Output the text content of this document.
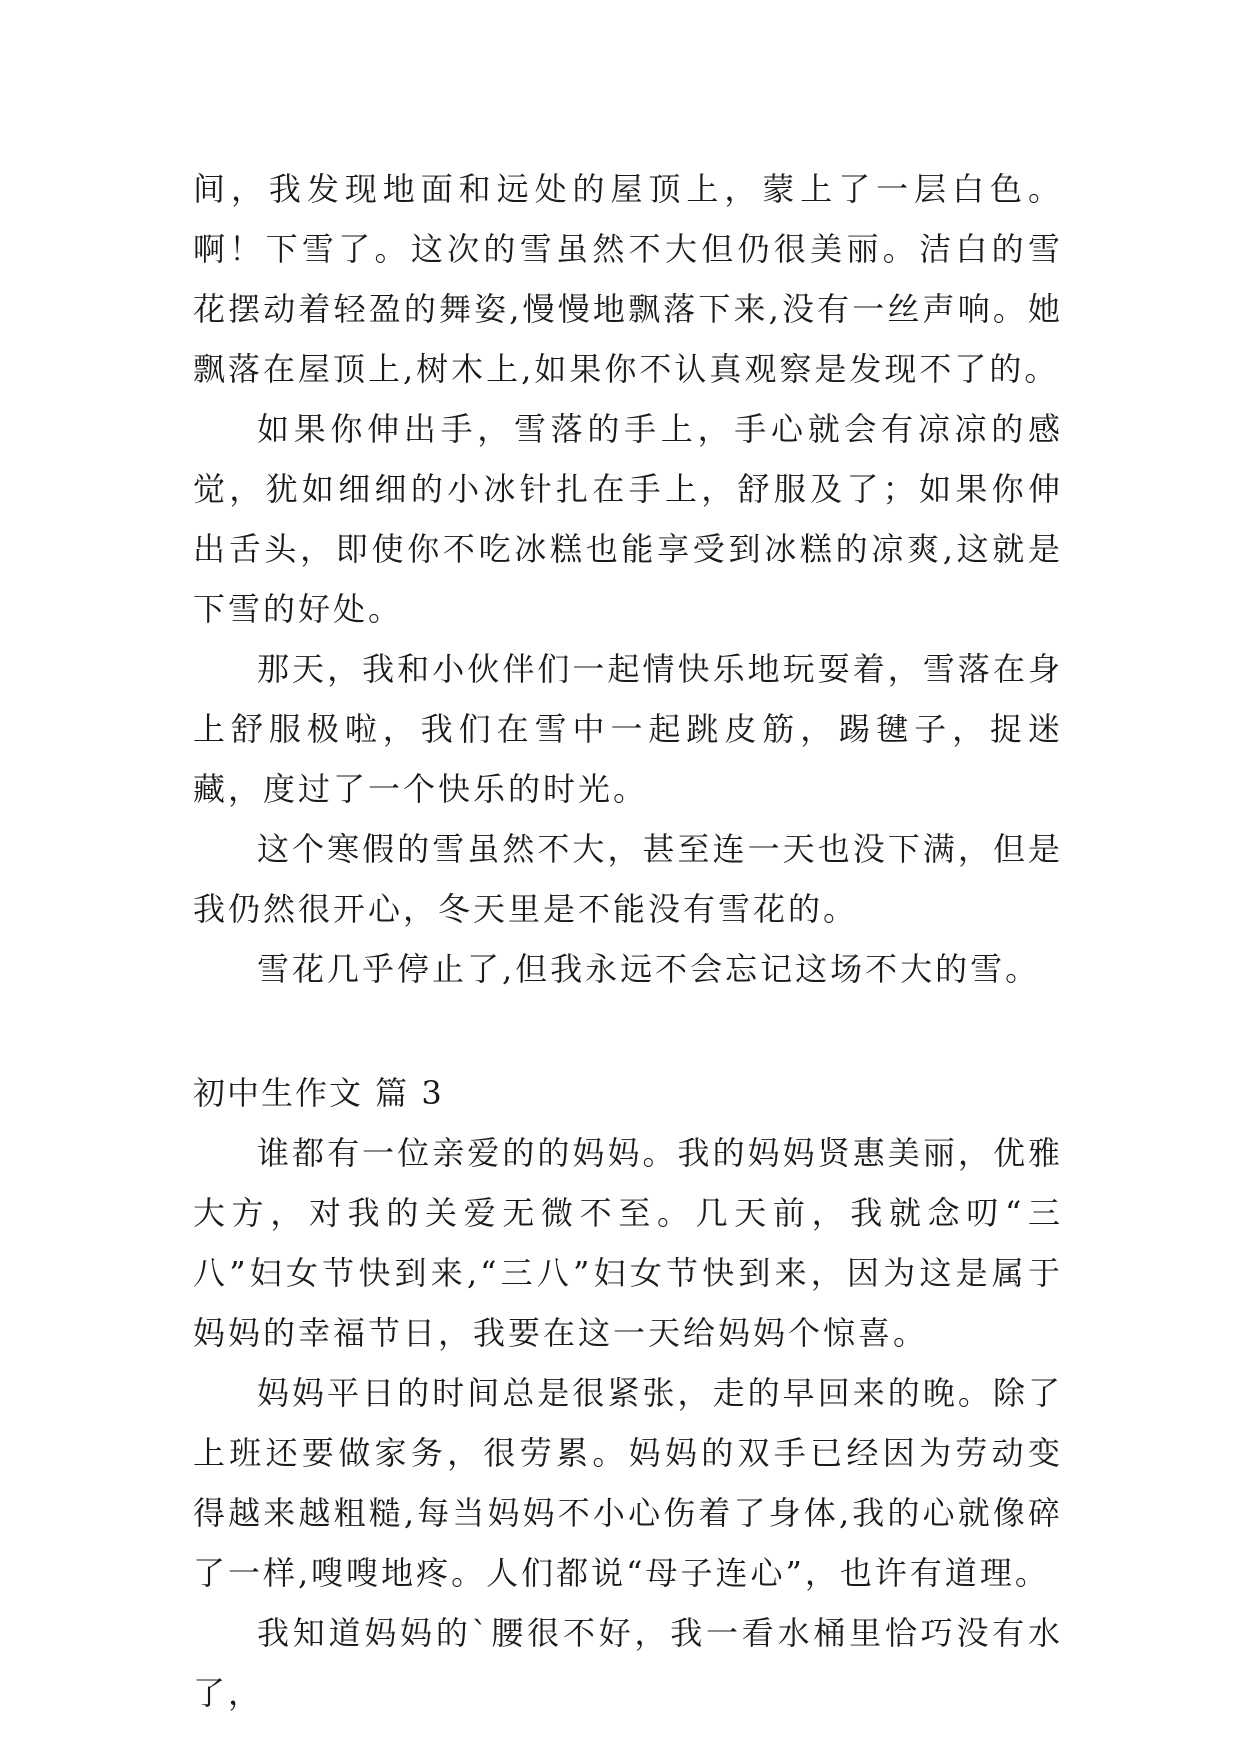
间，我发现地面和远处的屋顶上，蒙上了一层白色。啊！下雪了。这次的雪虽然不大但仍很美丽。洁白的雪花摆动着轻盈的舞姿,慢慢地飘落下来,没有一丝声响。她飘落在屋顶上,树木上,如果你不认真观察是发现不了的。

如果你伸出手，雪落的手上，手心就会有凉凉的感觉，犹如细细的小冰针扎在手上，舒服及了；如果你伸出舌头，即使你不吃冰糕也能享受到冰糕的凉爽,这就是下雪的好处。

那天，我和小伙伴们一起情快乐地玩耍着，雪落在身上舒服极啦，我们在雪中一起跳皮筋，踢毽子，捉迷藏，度过了一个快乐的时光。

这个寒假的雪虽然不大，甚至连一天也没下满，但是我仍然很开心，冬天里是不能没有雪花的。

雪花几乎停止了,但我永远不会忘记这场不大的雪。

初中生作文 篇 3

谁都有一位亲爱的的妈妈。我的妈妈贤惠美丽，优雅大方，对我的关爱无微不至。几天前，我就念叨“三八”妇女节快到来,“三八”妇女节快到来，因为这是属于妈妈的幸福节日，我要在这一天给妈妈个惊喜。

妈妈平日的时间总是很紧张，走的早回来的晚。除了上班还要做家务，很劳累。妈妈的双手已经因为劳动变得越来越粗糙,每当妈妈不小心伤着了身体,我的心就像碎了一样,嗖嗖地疼。人们都说“母子连心”，也许有道理。

我知道妈妈的`腰很不好，我一看水桶里恰巧没有水了，
